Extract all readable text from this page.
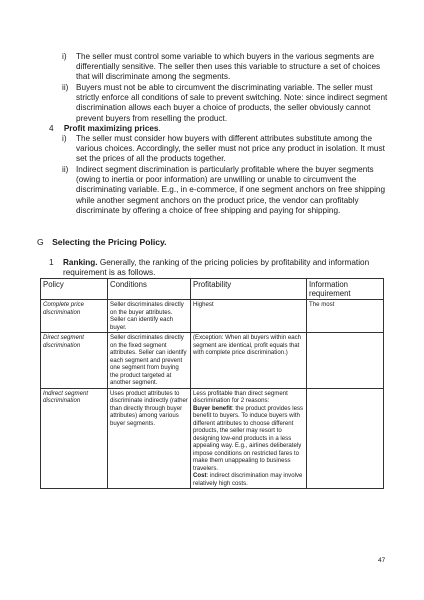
i) The seller must control some variable to which buyers in the various segments are differentially sensitive. The seller then uses this variable to structure a set of choices that will discriminate among the segments.
ii) Buyers must not be able to circumvent the discriminating variable. The seller must strictly enforce all conditions of sale to prevent switching. Note: since indirect segment discrimination allows each buyer a choice of products, the seller obviously cannot prevent buyers from reselling the product.
4 Profit maximizing prices.
i) The seller must consider how buyers with different attributes substitute among the various choices. Accordingly, the seller must not price any product in isolation. It must set the prices of all the products together.
ii) Indirect segment discrimination is particularly profitable where the buyer segments (owing to inertia or poor information) are unwilling or unable to circumvent the discriminating variable. E.g., in e-commerce, if one segment anchors on free shipping while another segment anchors on the product price, the vendor can profitably discriminate by offering a choice of free shipping and paying for shipping.
G Selecting the Pricing Policy.
1 Ranking. Generally, the ranking of the pricing policies by profitability and information requirement is as follows.
Policy	Conditions	Profitability	Information requirement
Complete price discrimination	Seller discriminates directly on the buyer attributes. Seller can identify each buyer.	Highest	The most
Direct segment discrimination	Seller discriminates directly on the fixed segment attributes. Seller can identify each segment and prevent one segment from buying the product targeted at another segment.	(Exception: When all buyers within each segment are identical, profit equals that with complete price discrimination.)	
Indirect segment discrimination	Uses product attributes to discriminate indirectly (rather than directly through buyer attributes) among various buyer segments.	Less profitable than direct segment discrimination for 2 reasons:
Buyer benefit: the product provides less benefit to buyers. To induce buyers with different attributes to choose different products, the seller may resort to designing low-end products in a less appealing way. E.g., airlines deliberately impose conditions on restricted fares to make them unappealing to business travelers.
Cost: indirect discrimination may involve relatively high costs.	
47
